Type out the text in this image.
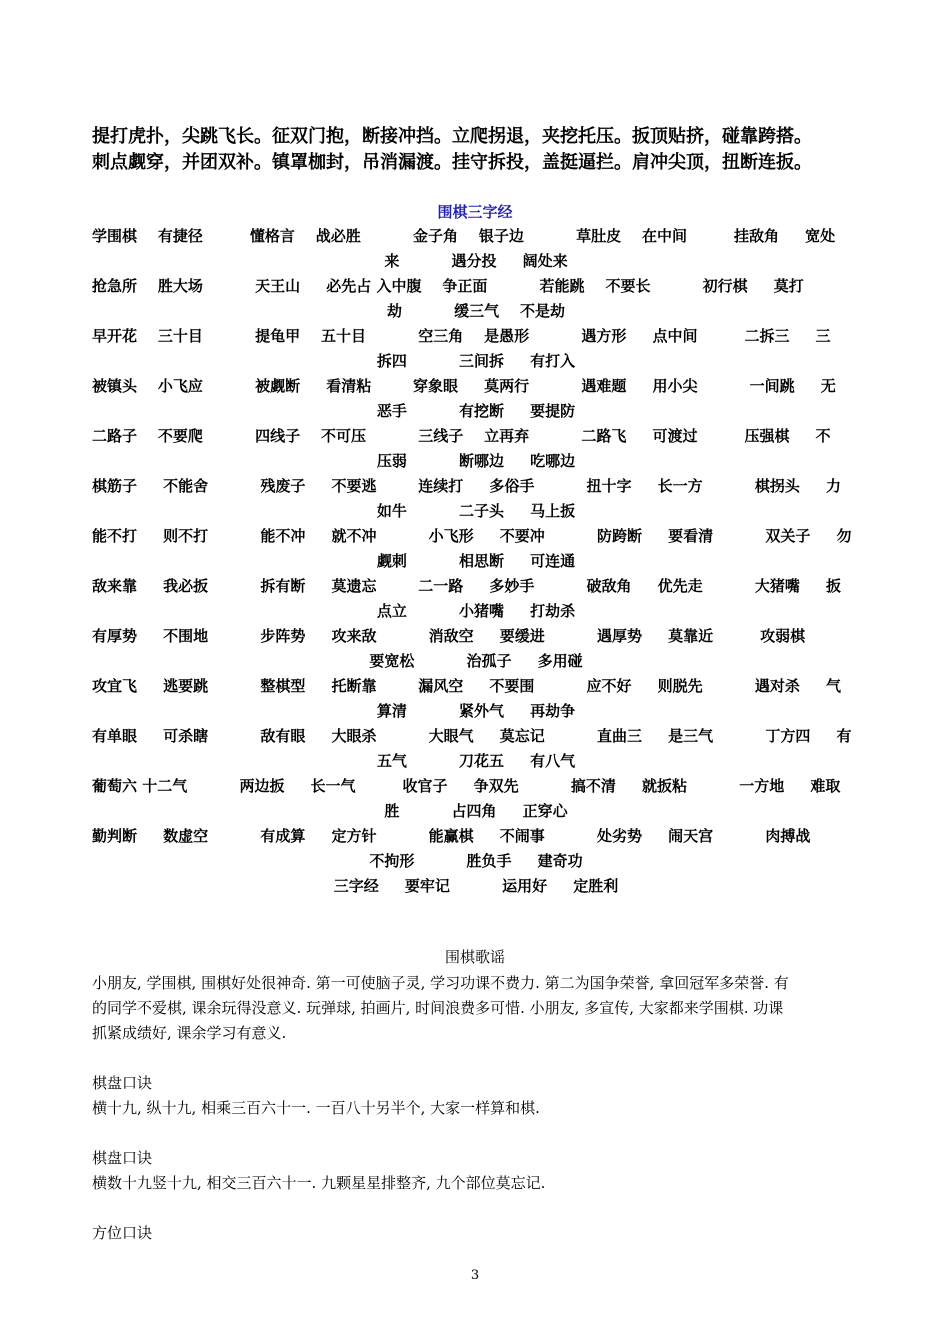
提打虎扑，尖跳飞长。征双门抱，断接冲挡。立爬拐退，夹挖托压。扳顶贴挤，碰靠跨搭。
刺点觑穿，并团双补。镇罩枷封，吊消漏渡。挂守拆投，盖挺逼拦。肩冲尖顶，扭断连扳。
围棋三字经
学围棋    有捷径         懂格言    战必胜          金子角    银子边          草肚皮    在中间         挂敌角     宽处
来          遇分投     阔处来
抢急所    胜大场          天王山     必先占 入中腹    争正面          若能跳    不要长          初行棋     莫打
劫          缓三气    不是劫
早开花    三十目          提龟甲    五十目          空三角    是愚形          遇方形     点中间         二拆三     三
拆四          三间拆     有打入
被镇头    小飞应          被觑断     看清粘        穿象眼     莫两行          遇难题     用小尖          一间跳     无
恶手          有挖断     要提防
二路子    不要爬          四线子    不可压          三线子    立再弃          二路飞     可渡过         压强棋     不
压弱          断哪边     吃哪边
棋筋子     不能舍          残废子     不要逃        连续打     多俗手          扭十字     长一方          棋拐头     力
如牛          二子头     马上扳
能不打     则不打          能不冲     就不冲          小飞形     不要冲          防跨断     要看清          双关子     勿
觑刺          相思断     可连通
敌来靠     我必扳          拆有断     莫遗忘        二一路     多妙手          破敌角     优先走          大猪嘴     扳
点立          小猪嘴     打劫杀
有厚势     不围地          步阵势     攻来敌          消敌空     要缓进          遇厚势     莫靠近         攻弱棋
要宽松          治孤子     多用碰
攻宜飞     逃要跳          整棋型     托断靠        漏风空     不要围          应不好     则脱先          遇对杀     气
算清          紧外气     再劫争
有单眼     可杀瞎          敌有眼     大眼杀          大眼气     莫忘记          直曲三     是三气          丁方四     有
五气          刀花五     有八气
葡萄六 十二气          两边扳     长一气         收官子     争双先          搞不清     就扳粘          一方地     难取
胜          占四角     正穿心
勤判断     数虚空          有成算     定方针          能赢棋     不闹事          处劣势     闹天宫          肉搏战
不拘形          胜负手     建奇功
三字经     要牢记          运用好     定胜利
围棋歌谣
小朋友, 学围棋, 围棋好处很神奇. 第一可使脑子灵, 学习功课不费力. 第二为国争荣誉, 拿回冠军多荣誉. 有
的同学不爱棋, 课余玩得没意义. 玩弹球, 拍画片, 时间浪费多可惜. 小朋友, 多宣传, 大家都来学围棋. 功课
抓紧成绩好, 课余学习有意义.
棋盘口诀
横十九, 纵十九, 相乘三百六十一. 一百八十另半个, 大家一样算和棋.
棋盘口诀
横数十九竖十九, 相交三百六十一. 九颗星星排整齐, 九个部位莫忘记.
方位口诀
3
